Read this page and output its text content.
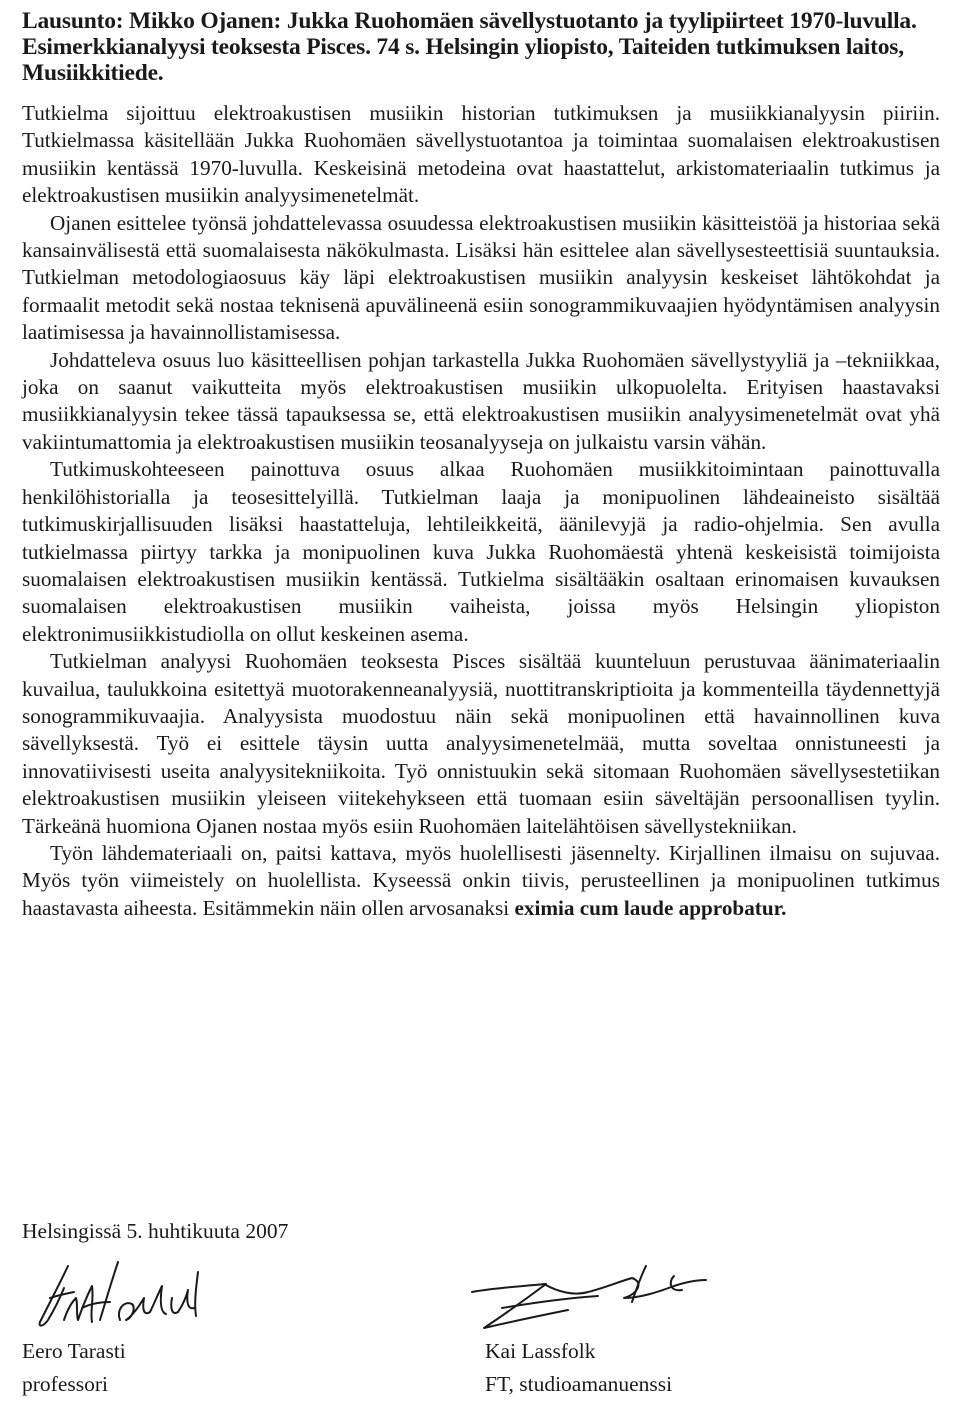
Lausunto: Mikko Ojanen: Jukka Ruohomäen sävellystuotanto ja tyylipiirteet 1970-luvulla. Esimerkkianalyysi teoksesta Pisces. 74 s. Helsingin yliopisto, Taiteiden tutkimuksen laitos, Musiikkitiede.

Tutkielma sijoittuu elektroakustisen musiikin historian tutkimuksen ja musiikkianalyysin piiriin. Tutkielmassa käsitellään Jukka Ruohomäen sävellystuotantoa ja toimintaa suomalaisen elektroakustisen musiikin kentässä 1970-luvulla. Keskeisinä metodeina ovat haastattelut, arkistomateriaalin tutkimus ja elektroakustisen musiikin analyysimenetelmät.

Ojanen esittelee työnsä johdattelevassa osuudessa elektroakustisen musiikin käsitteistöä ja historiaa sekä kansainvälisestä että suomalaisesta näkökulmasta. Lisäksi hän esittelee alan sävellysesteettisiä suuntauksia. Tutkielman metodologiaosuus käy läpi elektroakustisen musiikin analyysin keskeiset lähtökohdat ja formaalit metodit sekä nostaa teknisenä apuvälineenä esiin sonogrammikuvaajien hyödyntämisen analyysin laatimisessa ja havainnollistamisessa.

Johdatteleva osuus luo käsitteellisen pohjan tarkastella Jukka Ruohomäen sävellystyyliä ja –tekniikkaa, joka on saanut vaikutteita myös elektroakustisen musiikin ulkopuolelta. Erityisen haastavaksi musiikkianalyysin tekee tässä tapauksessa se, että elektroakustisen musiikin analyysimenetelmät ovat yhä vakiintumattomia ja elektroakustisen musiikin teosanalyyseja on julkaistu varsin vähän.

Tutkimuskohteeseen painottuva osuus alkaa Ruohomäen musiikkitoimintaan painottuvalla henkilöhistorialla ja teosesittelyillä. Tutkielman laaja ja monipuolinen lähdeaineisto sisältää tutkimuskirjallisuuden lisäksi haastatteluja, lehtileikkeitä, äänilevyjä ja radio-ohjelmia. Sen avulla tutkielmassa piirtyy tarkka ja monipuolinen kuva Jukka Ruohomäestä yhtenä keskeisistä toimijoista suomalaisen elektroakustisen musiikin kentässä. Tutkielma sisältääkin osaltaan erinomaisen kuvauksen suomalaisen elektroakustisen musiikin vaiheista, joissa myös Helsingin yliopiston elektronimusiikkistudiolla on ollut keskeinen asema.

Tutkielman analyysi Ruohomäen teoksesta Pisces sisältää kuunteluun perustuvaa äänimateriaalin kuvailua, taulukkoina esitettyä muotorakenneanalyysiä, nuottitranskriptioita ja kommenteilla täydennettyjä sonogrammikuvaajia. Analyysista muodostuu näin sekä monipuolinen että havainnollinen kuva sävellyksestä. Työ ei esittele täysin uutta analyysimenetelmää, mutta soveltaa onnistuneesti ja innovatiivisesti useita analyysitekniikoita. Työ onnistuukin sekä sitomaan Ruohomäen sävellysestetiikan elektroakustisen musiikin yleiseen viitekehykseen että tuomaan esiin säveltäjän persoonallisen tyylin. Tärkeänä huomiona Ojanen nostaa myös esiin Ruohomäen laitelähtöisen sävellystekniikan.

Työn lähdemateriaali on, paitsi kattava, myös huolellisesti jäsennelty. Kirjallinen ilmaisu on sujuvaa. Myös työn viimeistely on huolellista. Kyseessä onkin tiivis, perusteellinen ja monipuolinen tutkimus haastavasta aiheesta. Esitämmekin näin ollen arvosanaksi eximia cum laude approbatur.

Helsingissä 5. huhtikuuta 2007
Eero Tarasti
professori
Kai Lassfolk
FT, studioamanuenssi
